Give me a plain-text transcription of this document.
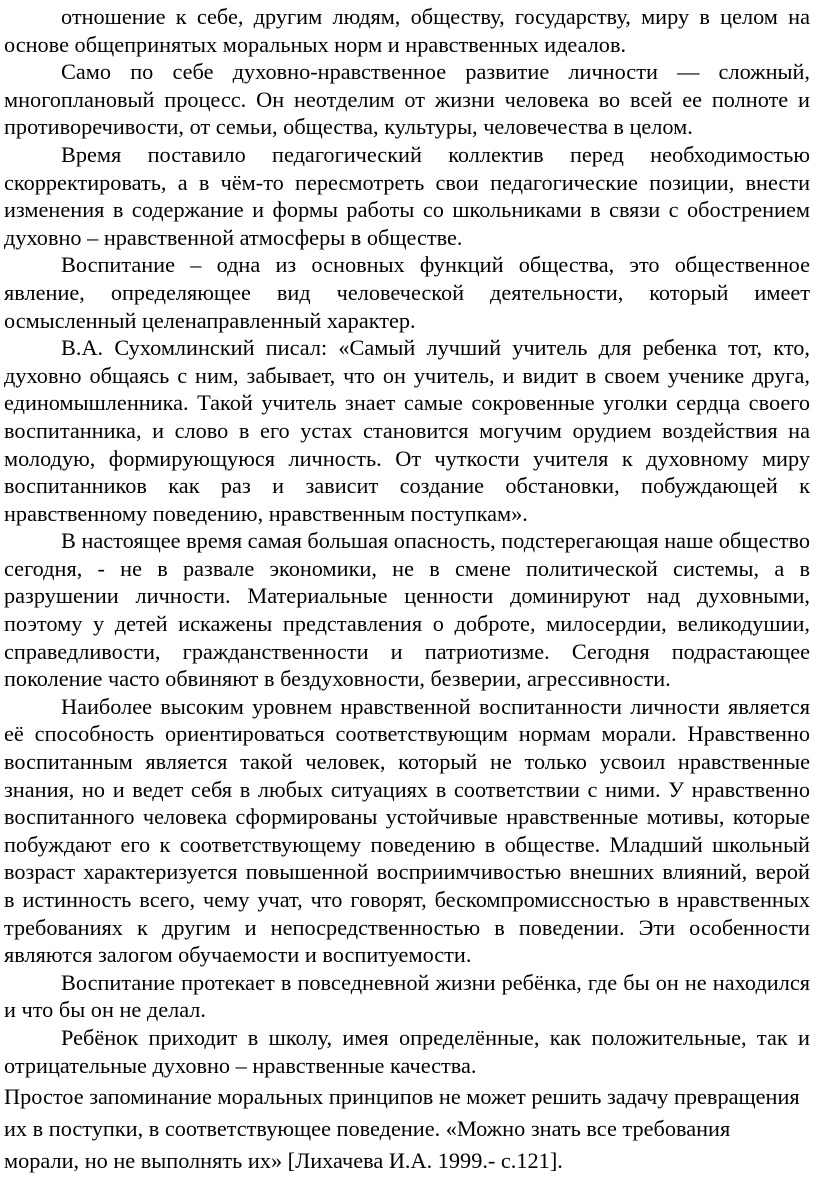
отношение к себе, другим людям, обществу, государству, миру в целом на основе общепринятых моральных норм и нравственных идеалов.

Само по себе духовно-нравственное развитие личности — сложный, многоплановый процесс. Он неотделим от жизни человека во всей ее полноте и противоречивости, от семьи, общества, культуры, человечества в целом.

Время поставило педагогический коллектив перед необходимостью скорректировать, а в чём-то пересмотреть свои педагогические позиции, внести изменения в содержание и формы работы со школьниками в связи с обострением духовно – нравственной атмосферы в обществе.

Воспитание – одна из основных функций общества, это общественное явление, определяющее вид человеческой деятельности, который имеет осмысленный целенаправленный характер.

В.А. Сухомлинский писал: «Самый лучший учитель для ребенка тот, кто, духовно общаясь с ним, забывает, что он учитель, и видит в своем ученике друга, единомышленника. Такой учитель знает самые сокровенные уголки сердца своего воспитанника, и слово в его устах становится могучим орудием воздействия на молодую, формирующуюся личность. От чуткости учителя к духовному миру воспитанников как раз и зависит создание обстановки, побуждающей к нравственному поведению, нравственным поступкам».

В настоящее время самая большая опасность, подстерегающая наше общество сегодня, - не в развале экономики, не в смене политической системы, а в разрушении личности. Материальные ценности доминируют над духовными, поэтому у детей искажены представления о доброте, милосердии, великодушии, справедливости, гражданственности и патриотизме. Сегодня подрастающее поколение часто обвиняют в бездуховности, безверии, агрессивности.

Наиболее высоким уровнем нравственной воспитанности личности является её способность ориентироваться соответствующим нормам морали. Нравственно воспитанным является такой человек, который не только усвоил нравственные знания, но и ведет себя в любых ситуациях в соответствии с ними. У нравственно воспитанного человека сформированы устойчивые нравственные мотивы, которые побуждают его к соответствующему поведению в обществе. Младший школьный возраст характеризуется повышенной восприимчивостью внешних влияний, верой в истинность всего, чему учат, что говорят, бескомпромиссностью в нравственных требованиях к другим и непосредственностью в поведении. Эти особенности являются залогом обучаемости и воспитуемости.

Воспитание протекает в повседневной жизни ребёнка, где бы он не находился и что бы он не делал.

Ребёнок приходит в школу, имея определённые, как положительные, так и отрицательные духовно – нравственные качества.

Простое запоминание моральных принципов не может решить задачу превращения их в поступки, в соответствующее поведение. «Можно знать все требования морали, но не выполнять их» [Лихачева И.А. 1999.- с.121].
